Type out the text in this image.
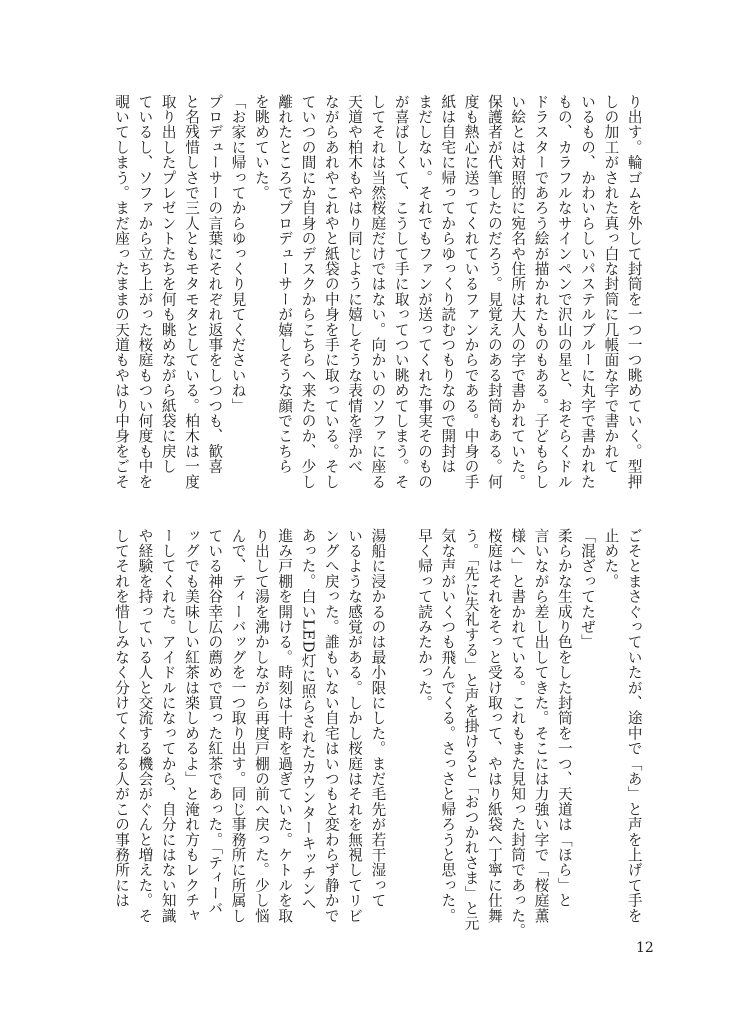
り出す。輪ゴムを外して封筒を一つ一つ眺めていく。型押
しの加工がされた真っ白な封筒に几帳面な字で書かれて
いるもの、かわいらしいパステルブルーに丸字で書かれた
もの、カラフルなサインペンで沢山の星と、おそらくドル
ドラスターであろう絵が描かれたものもある。子どもらし
い絵とは対照的に宛名や住所は大人の字で書かれていた。
保護者が代筆したのだろう。見覚えのある封筒もある。何
度も熱心に送ってくれているファンからである。中身の手
紙は自宅に帰ってからゆっくり読むつもりなので開封は
まだしない。それでもファンが送ってくれた事実そのもの
が喜ばしくて、こうして手に取ってつい眺めてしまう。そ
してそれは当然桜庭だけではない。向かいのソファに座る
天道や柏木もやはり同じように嬉しそうな表情を浮かべ
ながらあれやこれやと紙袋の中身を手に取っている。そし
ていつの間にか自身のデスクからこちらへ来たのか、少し
離れたところでプロデューサーが嬉しそうな顔でこちら
を眺めていた。
「お家に帰ってからゆっくり見てくださいね」
プロデューサーの言葉にそれぞれ返事をしつつも、歓喜
と名残惜しさで三人ともモタモタとしている。柏木は一度
取り出したプレゼントたちを何も眺めながら紙袋に戻し
ているし、ソファから立ち上がった桜庭もつい何度も中を
覗いてしまう。まだ座ったままの天道もやはり中身をごそ
ごそとまさぐっていたが、途中で「あ」と声を上げて手を
止めた。
「混ざってたぜ」
柔らかな生成り色をした封筒を一つ、天道は「ほら」と
言いながら差し出してきた。そこには力強い字で「桜庭薫
様へ」と書かれている。これもまた見知った封筒であった。
桜庭はそれをそっと受け取って、やはり紙袋へ丁寧に仕舞
う。「先に失礼する」と声を掛けると「おつかれさま」と元
気な声がいくつも飛んでくる。さっさと帰ろうと思った。
早く帰って読みたかった。
湯船に浸かるのは最小限にした。まだ毛先が若干湿って
いるような感覚がある。しかし桜庭はそれを無視してリビ
ングへ戻った。誰もいない自宅はいつもと変わらず静かで
あった。白いLED灯に照らされたカウンターキッチンへ
進み戸棚を開ける。時刻は十時を過ぎていた。ケトルを取
り出して湯を沸かしながら再度戸棚の前へ戻った。少し悩
んで、ティーバッグを一つ取り出す。同じ事務所に所属し
ている神谷幸広の薦めで買った紅茶であった。「ティーバ
ッグでも美味しい紅茶は楽しめるよ」と淹れ方もレクチャ
ーしてくれた。アイドルになってから、自分にはない知識
や経験を持っている人と交流する機会がぐんと増えた。そ
してそれを惜しみなく分けてくれる人がこの事務所には
12
